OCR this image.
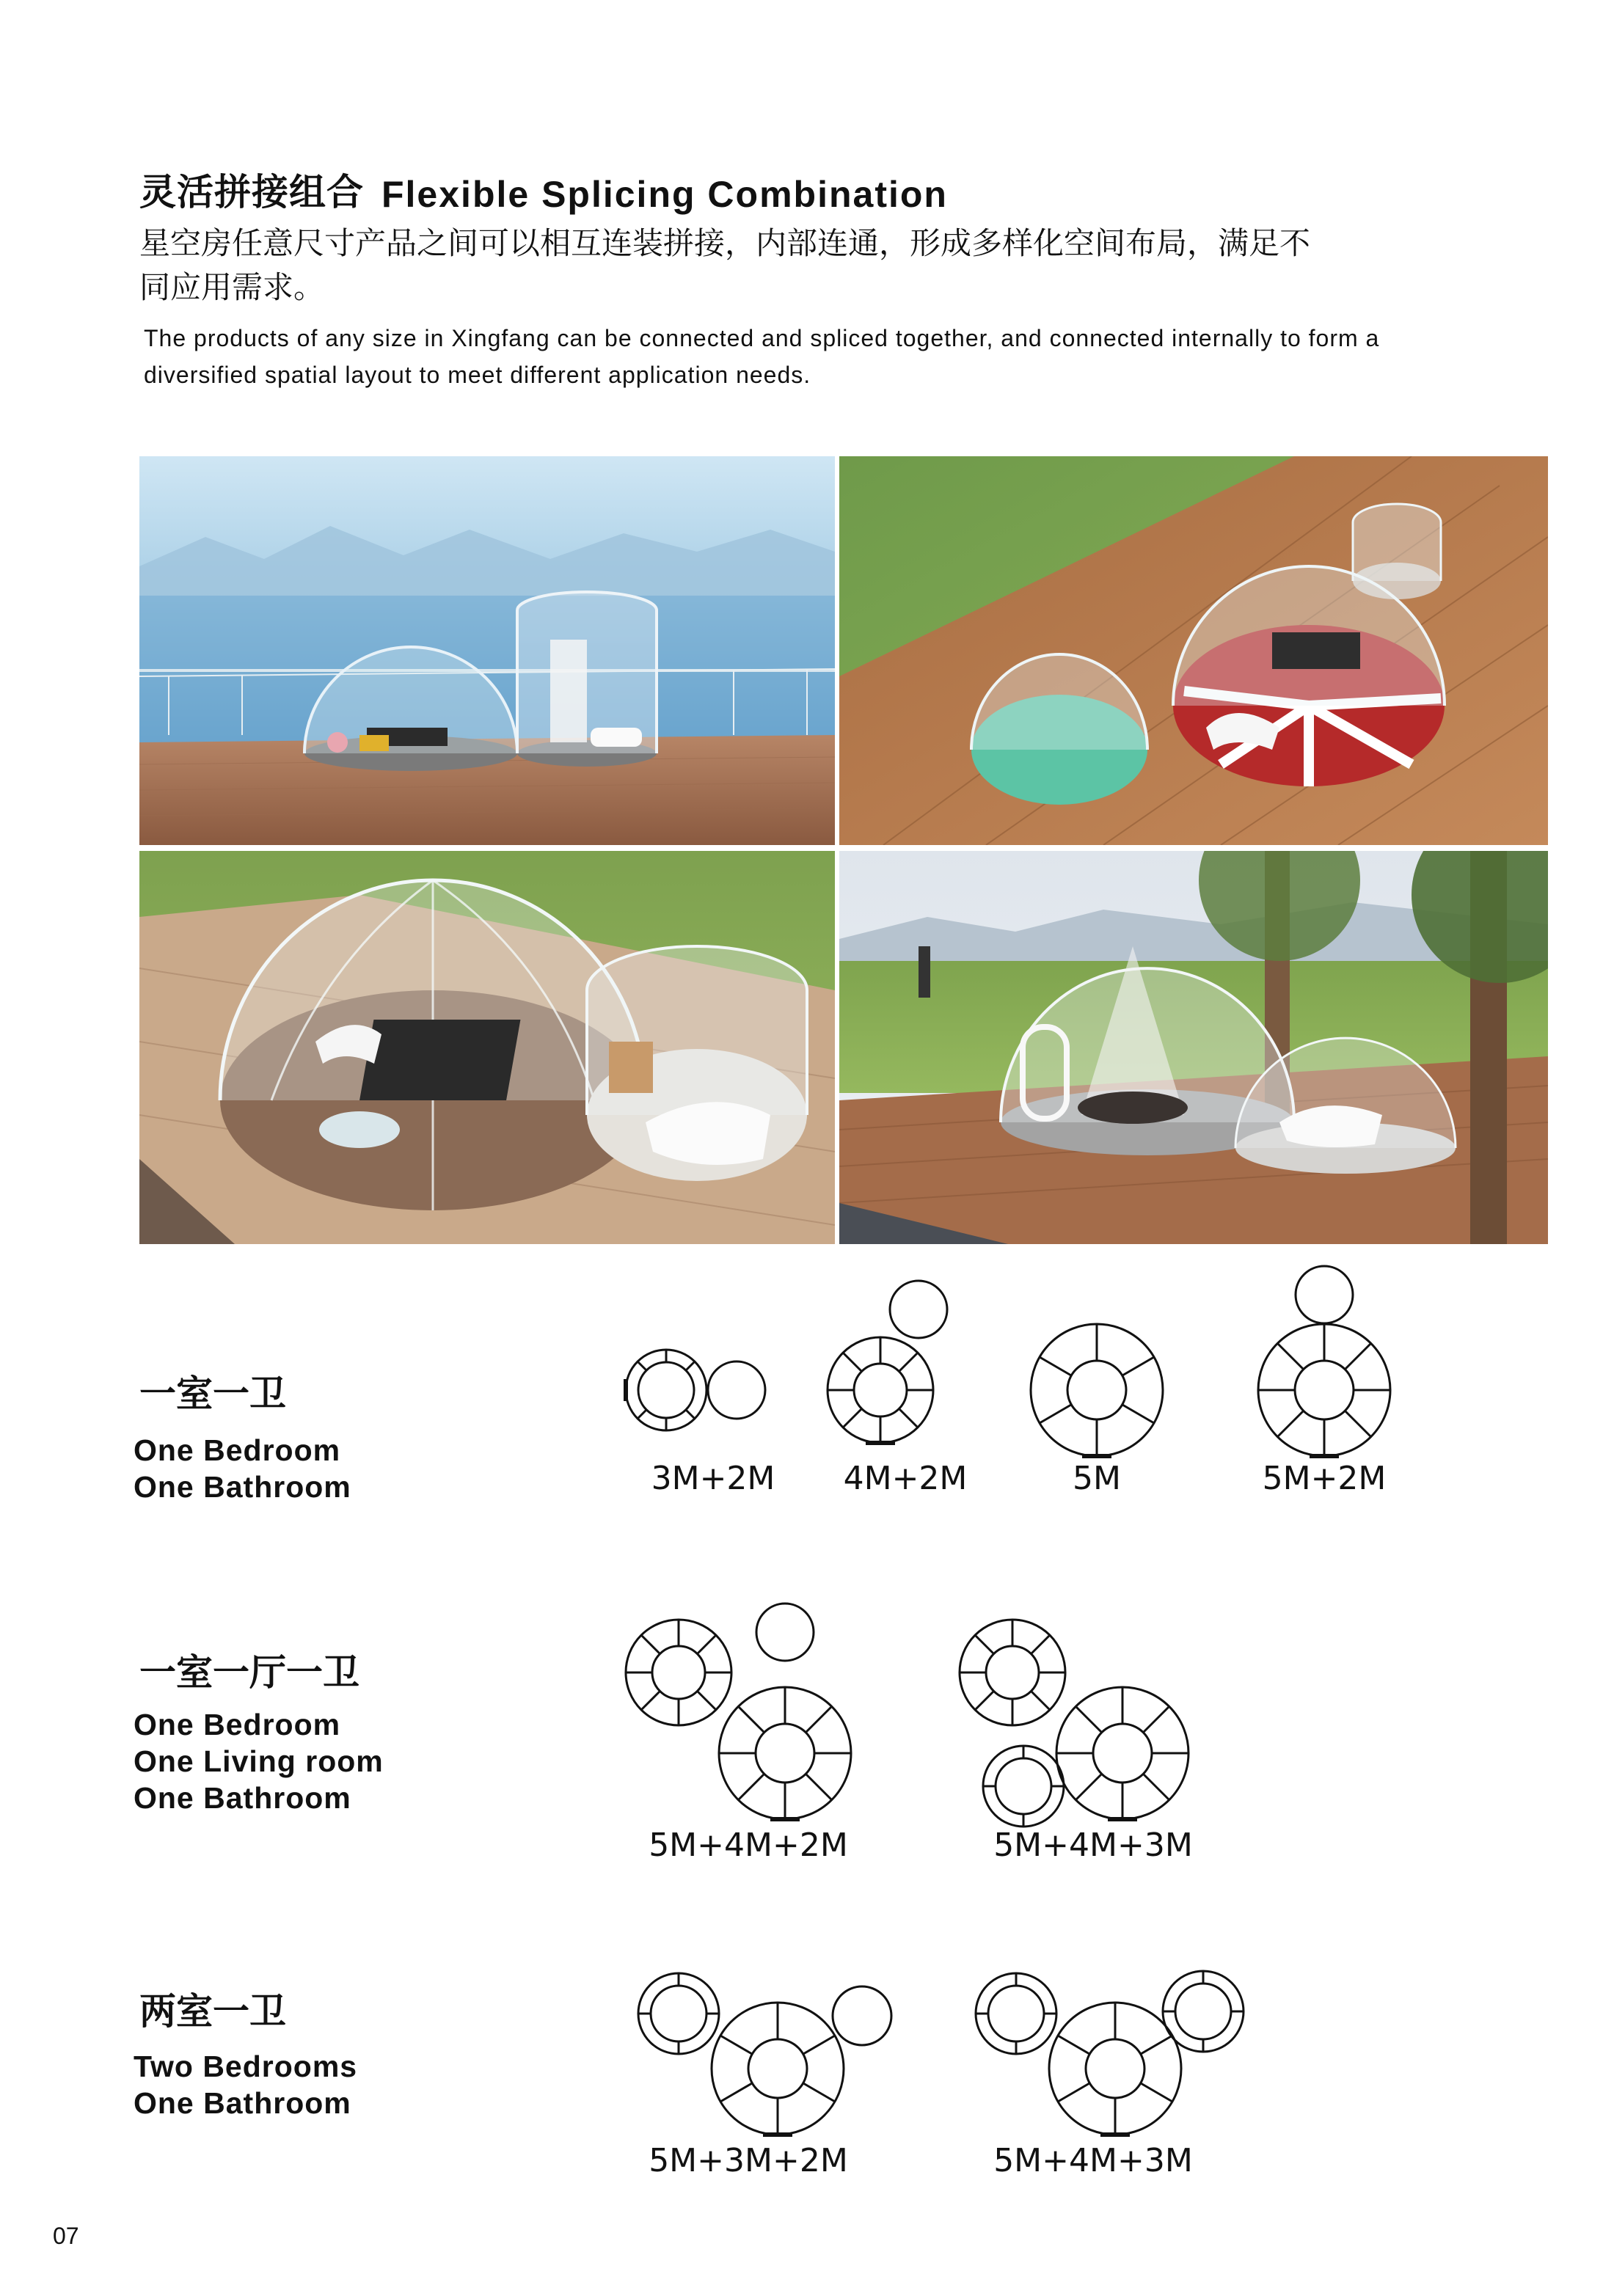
灵活拼接组合 Flexible Splicing Combination
星空房任意尺寸产品之间可以相互连装拼接，内部连通，形成多样化空间布局，满足不
同应用需求。
The products of any size in Xingfang can be connected and spliced together, and connected internally to form a
diversified spatial layout to meet different application needs.
一室一卫
One Bedroom
One Bathroom	3M+2M	4M+2M	5M	5M+2M
一室一厅一卫
One Bedroom
One Living room
One Bathroom
5M+4M+2M	5M+4M+3M
两室一卫
Two Bedrooms
One Bathroom
5M+3M+2M	5M+4M+3M
07
